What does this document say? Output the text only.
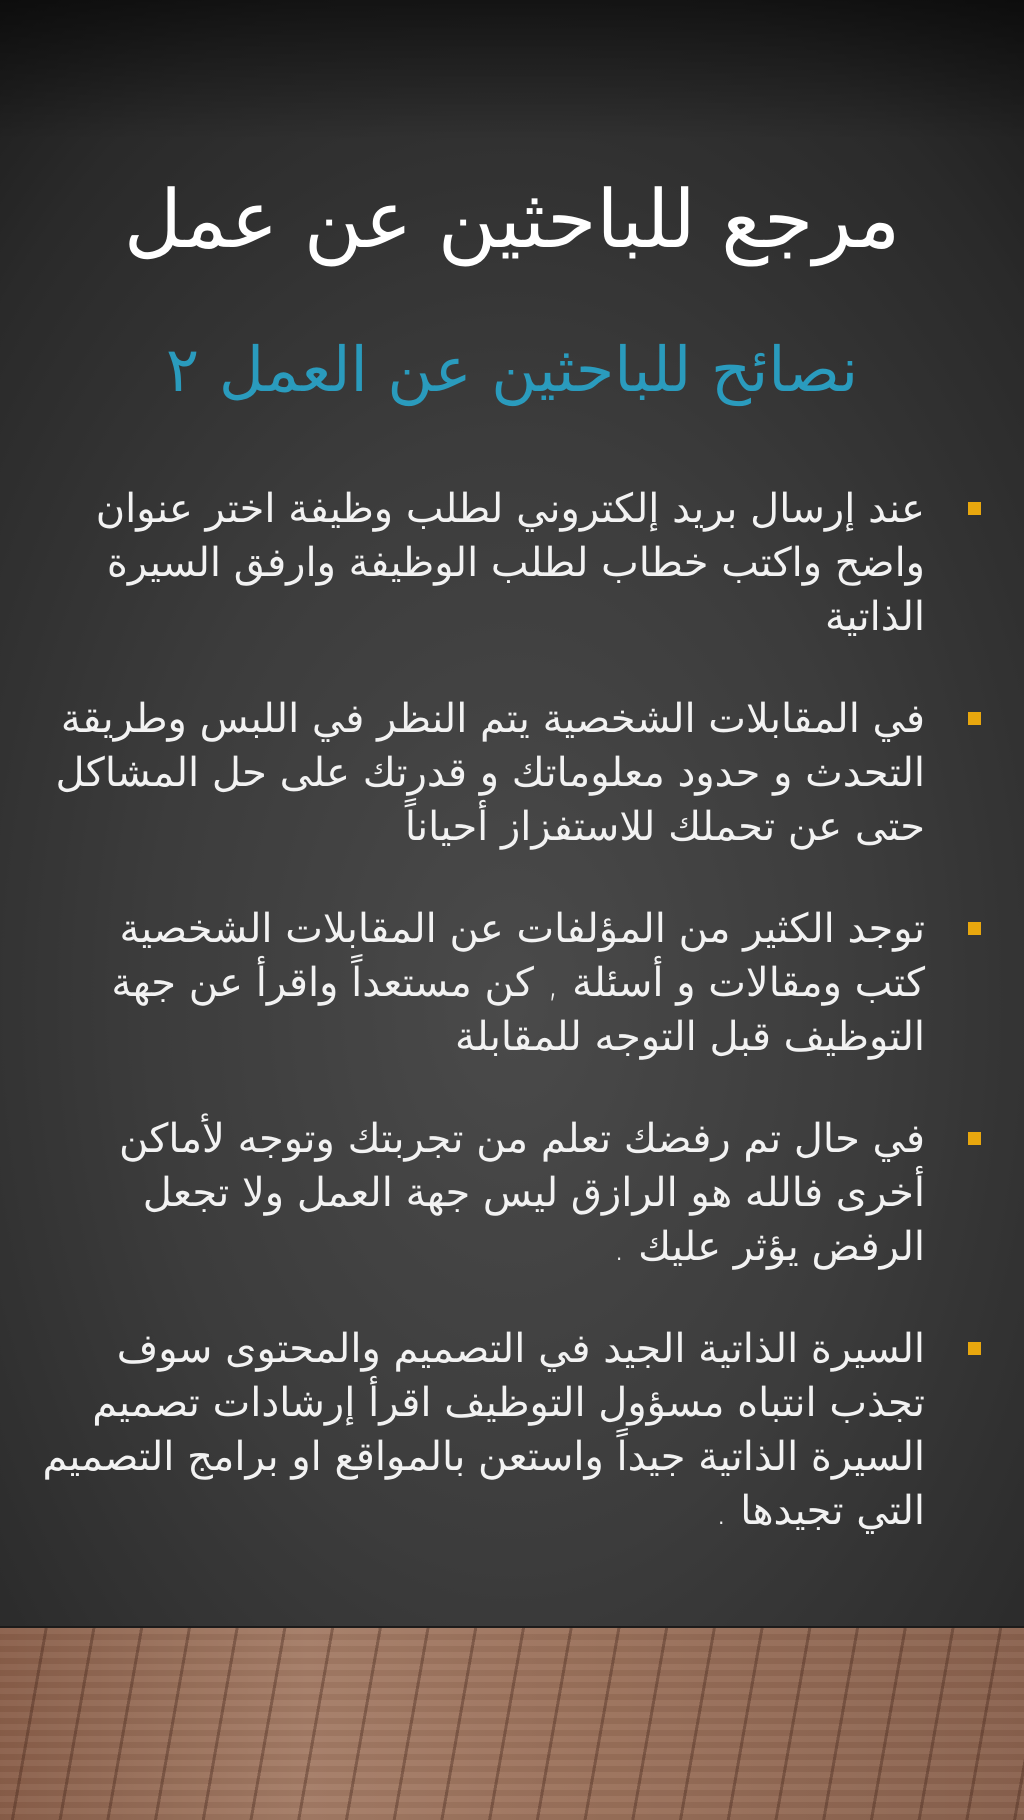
مرجع للباحثين عن عمل
نصائح للباحثين عن العمل ٢
عند إرسال بريد إلكتروني لطلب وظيفة اختر عنوان واضح واكتب خطاب لطلب الوظيفة وارفق السيرة الذاتية
في المقابلات الشخصية يتم النظر في اللبس وطريقة التحدث و حدود معلوماتك و قدرتك على حل المشاكل حتى عن تحملك للاستفزاز أحياناً
توجد الكثير من المؤلفات عن المقابلات الشخصية كتب ومقالات و أسئلة , كن مستعداً واقرأ عن جهة التوظيف قبل التوجه للمقابلة
في حال تم رفضك تعلم من تجربتك وتوجه لأماكن أخرى فالله هو الرازق ليس جهة العمل ولا تجعل الرفض يؤثر عليك .
السيرة الذاتية الجيد في التصميم والمحتوى سوف تجذب انتباه مسؤول التوظيف اقرأ إرشادات تصميم السيرة الذاتية جيداً واستعن بالمواقع او برامج التصميم التي تجيدها .
